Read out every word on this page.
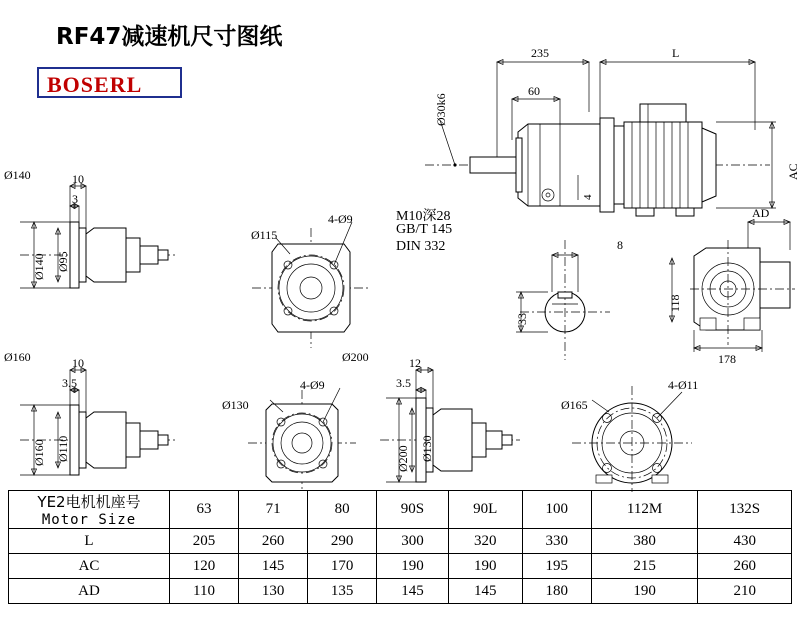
RF47减速机尺寸图纸
BOSERL
235	L
60
Ø30k6
4
AC
AD
M10深28
GB/T 145
DIN 332	8
33
118
178
Ø140	10
3
Ø140 Ø95
Ø115
4-Ø9
Ø160	10
3.5
Ø160 Ø110
Ø130
4-Ø9
Ø200	12
3.5
Ø200 Ø130
4-Ø11
Ø165
YE2电机机座号
Motor Size	63	71	80	90S	90L	100	112M	132S

L	205	260	290	300	320	330	380	430
AC	120	145	170	190	190	195	215	260
AD	110	130	135	145	145	180	190	210
